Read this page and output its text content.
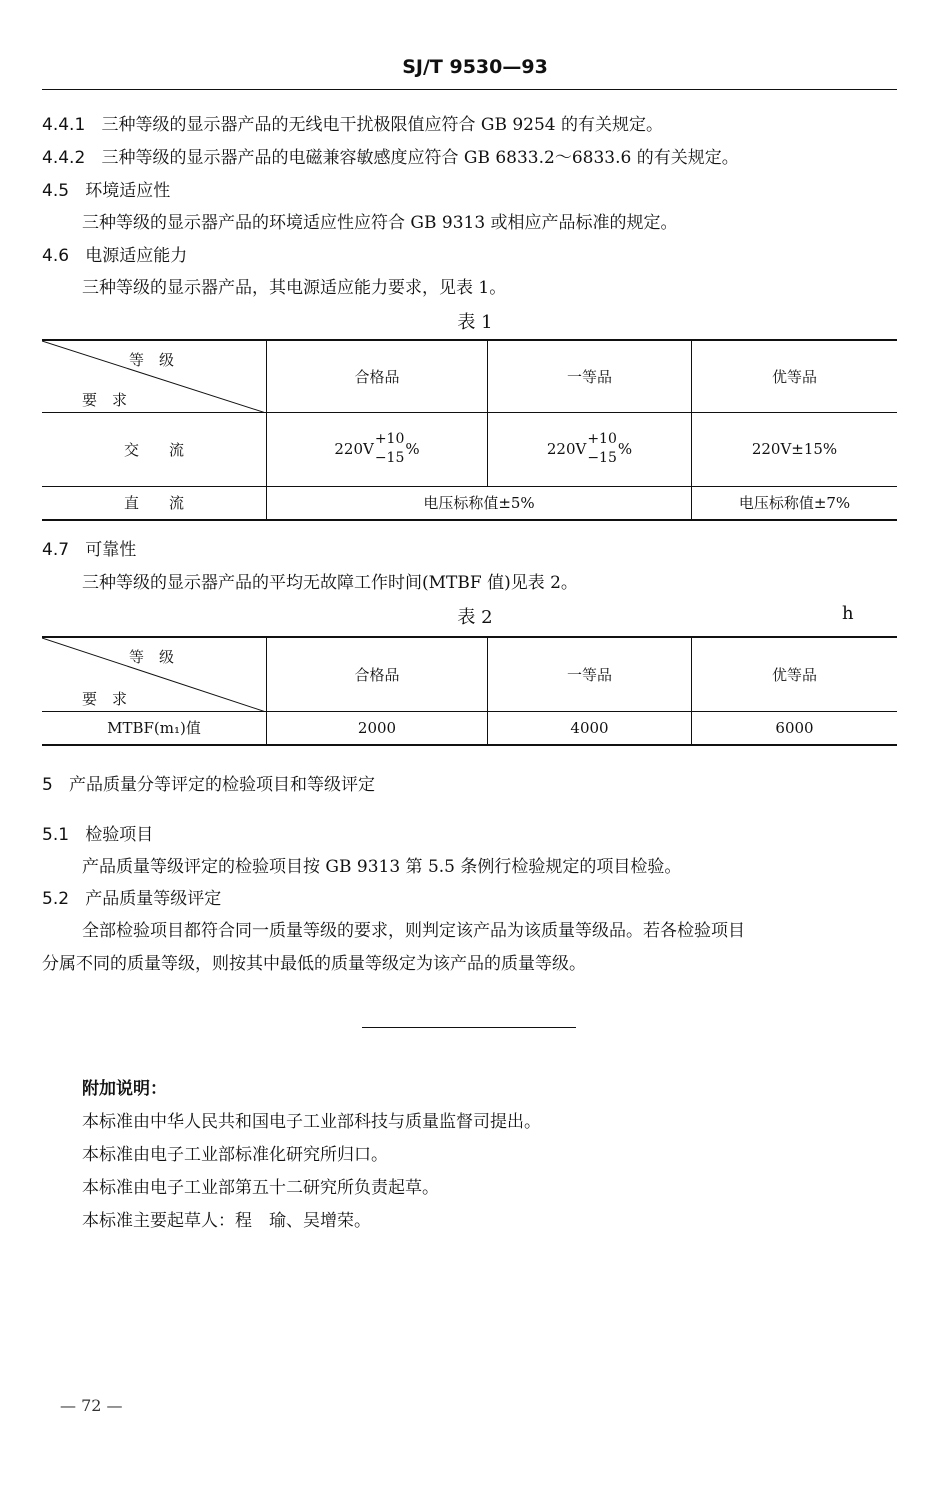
SJ/T 9530—93
4.4.1 三种等级的显示器产品的无线电干扰极限值应符合 GB 9254 的有关规定。
4.4.2 三种等级的显示器产品的电磁兼容敏感度应符合 GB 6833.2～6833.6 的有关规定。
4.5 环境适应性
三种等级的显示器产品的环境适应性应符合 GB 9313 或相应产品标准的规定。
4.6 电源适应能力
三种等级的显示器产品，其电源适应能力要求，见表 1。
表 1
等　级
要　求	合格品	一等品	优等品
交　　流	220V
+10
−15 %	220V
+10
−15 %	220V±15%
直　　流	电压标称值±5%		电压标称值±7%
4.7 可靠性
三种等级的显示器产品的平均无故障工作时间(MTBF 值)见表 2。
表 2	h
等　级
要　求	合格品	一等品	优等品
MTBF(m₁)值	2000	4000	6000
5 产品质量分等评定的检验项目和等级评定
5.1 检验项目
产品质量等级评定的检验项目按 GB 9313 第 5.5 条例行检验规定的项目检验。
5.2 产品质量等级评定
全部检验项目都符合同一质量等级的要求，则判定该产品为该质量等级品。若各检验项目
分属不同的质量等级，则按其中最低的质量等级定为该产品的质量等级。
附加说明：
本标准由中华人民共和国电子工业部科技与质量监督司提出。
本标准由电子工业部标准化研究所归口。
本标准由电子工业部第五十二研究所负责起草。
本标准主要起草人：程　瑜、吴增荣。
— 72 —
